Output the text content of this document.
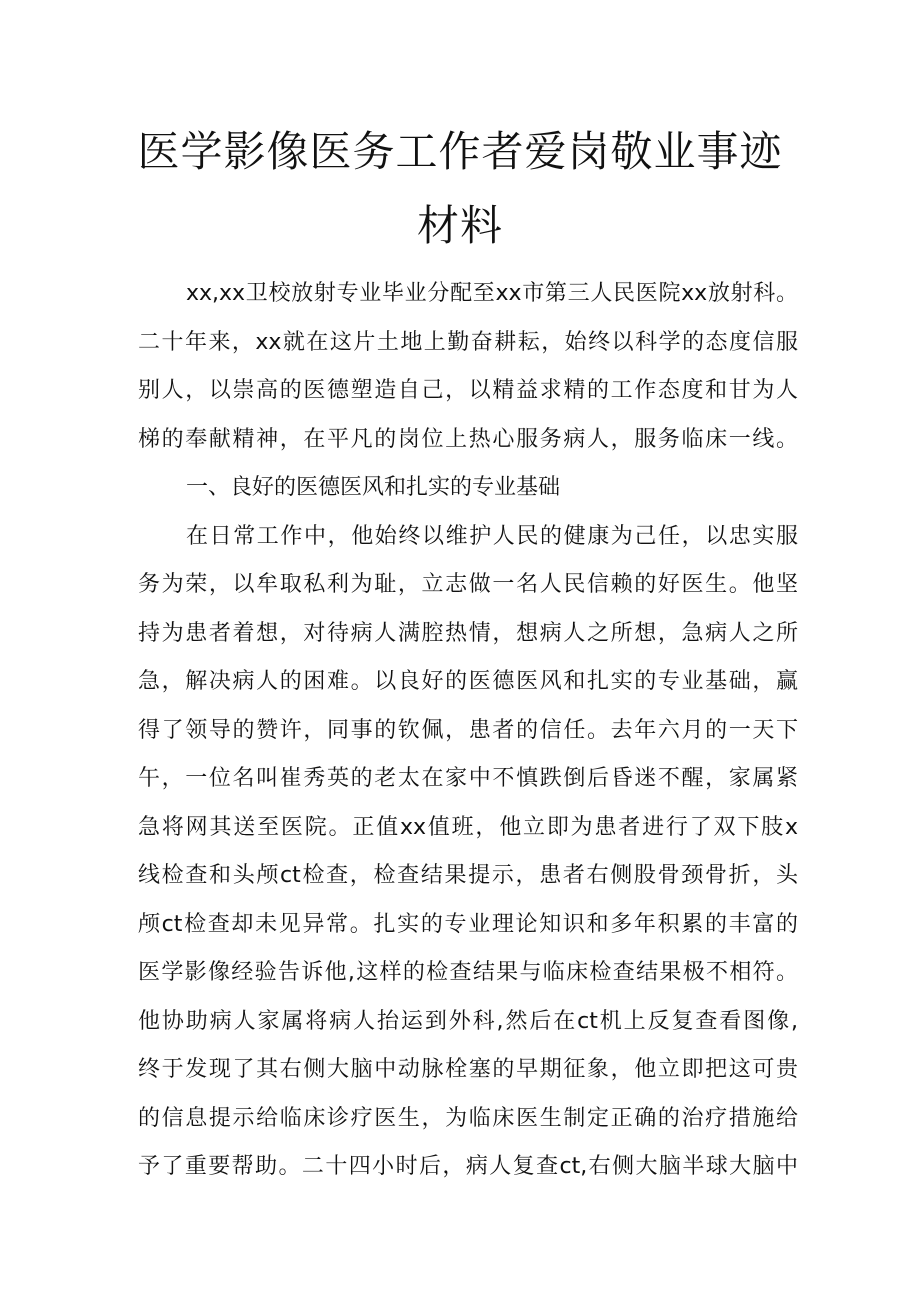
医学影像医务工作者爱岗敬业事迹
材料
xx,xx卫校放射专业毕业分配至xx市第三人民医院xx放射科。
二十年来，xx就在这片土地上勤奋耕耘，始终以科学的态度信服
别人，以崇高的医德塑造自己，以精益求精的工作态度和甘为人
梯的奉献精神，在平凡的岗位上热心服务病人，服务临床一线。
一、良好的医德医风和扎实的专业基础
在日常工作中，他始终以维护人民的健康为己任，以忠实服
务为荣，以牟取私利为耻，立志做一名人民信赖的好医生。他坚
持为患者着想，对待病人满腔热情，想病人之所想，急病人之所
急，解决病人的困难。以良好的医德医风和扎实的专业基础，赢
得了领导的赞许，同事的钦佩，患者的信任。去年六月的一天下
午，一位名叫崔秀英的老太在家中不慎跌倒后昏迷不醒，家属紧
急将网其送至医院。正值xx值班，他立即为患者进行了双下肢x
线检查和头颅ct检查，检查结果提示，患者右侧股骨颈骨折，头
颅ct检查却未见异常。扎实的专业理论知识和多年积累的丰富的
医学影像经验告诉他,这样的检查结果与临床检查结果极不相符。
他协助病人家属将病人抬运到外科,然后在ct机上反复查看图像,
终于发现了其右侧大脑中动脉栓塞的早期征象，他立即把这可贵
的信息提示给临床诊疗医生，为临床医生制定正确的治疗措施给
予了重要帮助。二十四小时后，病人复查ct,右侧大脑半球大脑中
